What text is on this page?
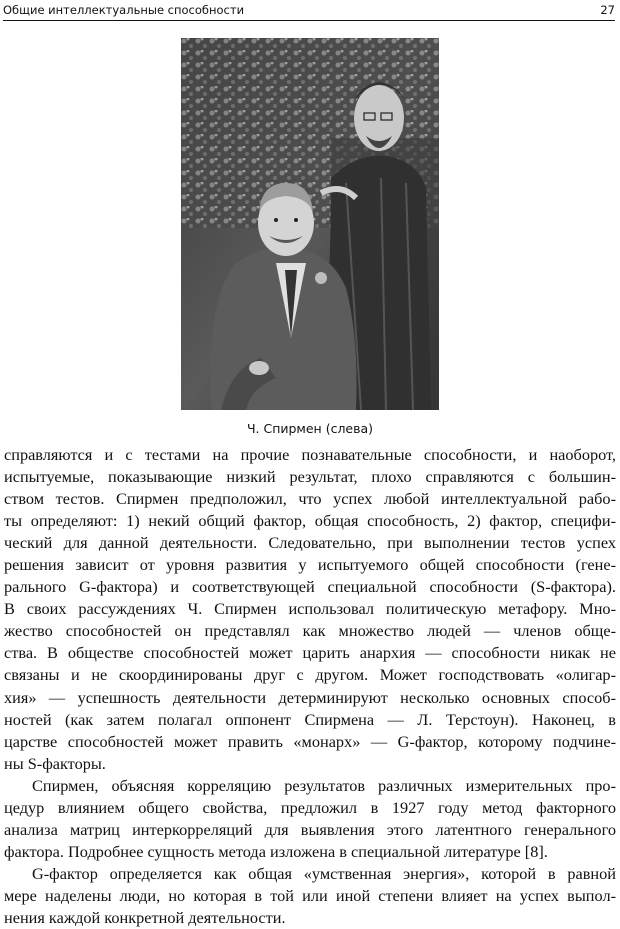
Общие интеллектуальные способности	27
Ч. Спирмен (слева)
справляются и с тестами на прочие познавательные способности, и наоборот,
испытуемые, показывающие низкий результат, плохо справляются с большин-
ством тестов. Спирмен предположил, что успех любой интеллектуальной рабо-
ты определяют: 1) некий общий фактор, общая способность, 2) фактор, специфи-
ческий для данной деятельности. Следовательно, при выполнении тестов успех
решения зависит от уровня развития у испытуемого общей способности (гене-
рального G-фактора) и соответствующей специальной способности (S-фактора).
В своих рассуждениях Ч. Спирмен использовал политическую метафору. Мно-
жество способностей он представлял как множество людей — членов общe-
ства. В обществе способностей может царить анархия — способности никак не
связаны и не скоординированы друг с другом. Может господствовать «олигар-
хия» — успешность деятельности детерминируют несколько основных способ-
ностей (как затем полагал оппонент Спирмена — Л. Терстоун). Наконец, в
царстве способностей может править «монарх» — G-фактор, которому подчине-
ны S-факторы.
Спирмен, объясняя корреляцию результатов различных измерительных про-
цедур влиянием общего свойства, предложил в 1927 году метод факторного
анализа матриц интеркорреляций для выявления этого латентного генерального
фактора. Подробнее сущность метода изложена в специальной литературе [8].
G-фактор определяется как общая «умственная энергия», которой в равной
мере наделены люди, но которая в той или иной степени влияет на успех выпол-
нения каждой конкретной деятельности.
